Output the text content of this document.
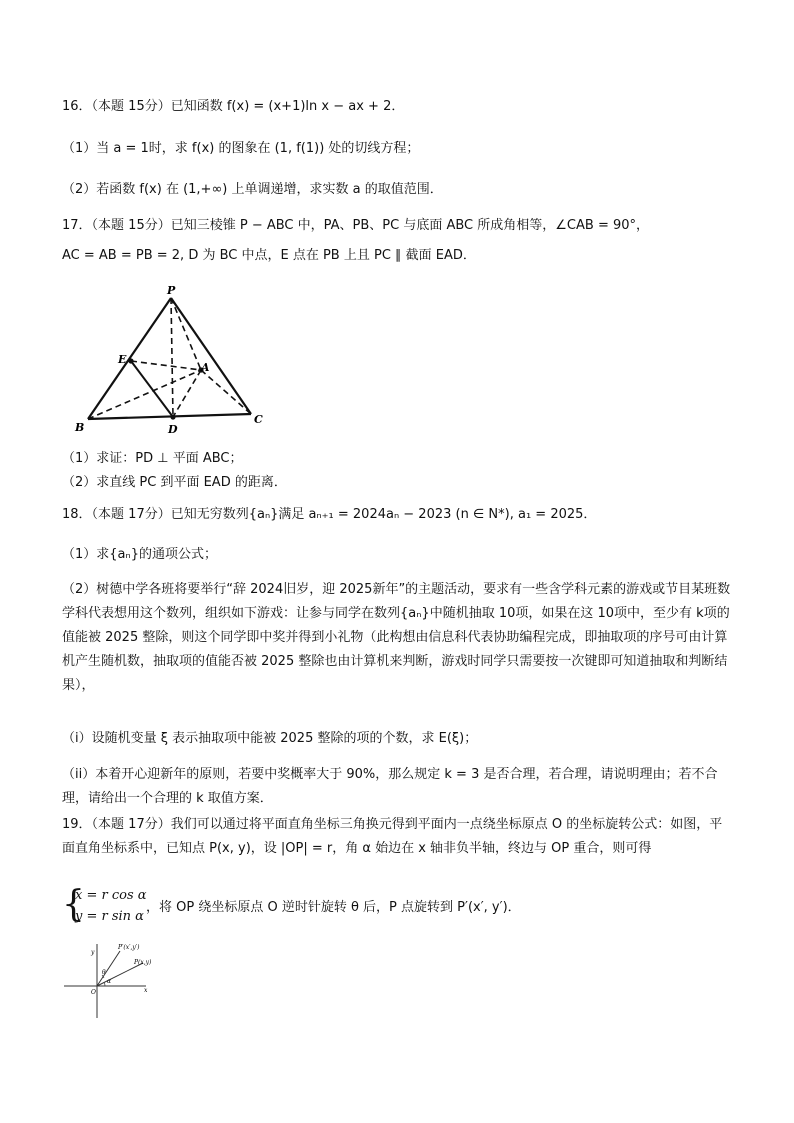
16．（本题 15分）已知函数 f(x) = (x+1)ln x − ax + 2．
（1）当 a = 1时，求 f(x) 的图象在 (1, f(1)) 处的切线方程；
（2）若函数 f(x) 在 (1,+∞) 上单调递增，求实数 a 的取值范围．
17．（本题 15分）已知三棱锥 P − ABC 中，PA、PB、PC 与底面 ABC 所成角相等，∠CAB = 90°，
AC = AB = PB = 2, D 为 BC 中点，E 点在 PB 上且 PC ∥ 截面 EAD．
P
E
A
B	D
C
（1）求证：PD ⊥ 平面 ABC；
（2）求直线 PC 到平面 EAD 的距离．
18．（本题 17分）已知无穷数列{aₙ}满足 aₙ₊₁ = 2024aₙ − 2023 (n ∈ N*), a₁ = 2025．
（1）求{aₙ}的通项公式；
（2）树德中学各班将要举行“辞 2024旧岁，迎 2025新年”的主题活动，要求有一些含学科元素的游戏或节目某班数学科代表想用这个数列，组织如下游戏：让参与同学在数列{aₙ}中随机抽取 10项，如果在这 10项中，至少有 k项的值能被 2025 整除，则这个同学即中奖并得到小礼物（此构想由信息科代表协助编程完成，即抽取项的序号可由计算机产生随机数，抽取项的值能否被 2025 整除也由计算机来判断，游戏时同学只需要按一次键即可知道抽取和判断结果），
（i）设随机变量 ξ 表示抽取项中能被 2025 整除的项的个数，求 E(ξ)；
（ii）本着开心迎新年的原则，若要中奖概率大于 90%，那么规定 k = 3 是否合理，若合理，请说明理由；若不合理，请给出一个合理的 k 取值方案．
19．（本题 17分）我们可以通过将平面直角坐标三角换元得到平面内一点绕坐标原点 O 的坐标旋转公式：如图，平面直角坐标系中，已知点 P(x, y)，设 |OP| = r，角 α 始边在 x 轴非负半轴，终边与 OP 重合，则可得
{
x = r cos α
y = r sin α
，将 OP 绕坐标原点 O 逆时针旋转 θ 后，P 点旋转到 P′(x′, y′)．
y
x
O
P′(x′,y′)
P(x,y)
θ
α
